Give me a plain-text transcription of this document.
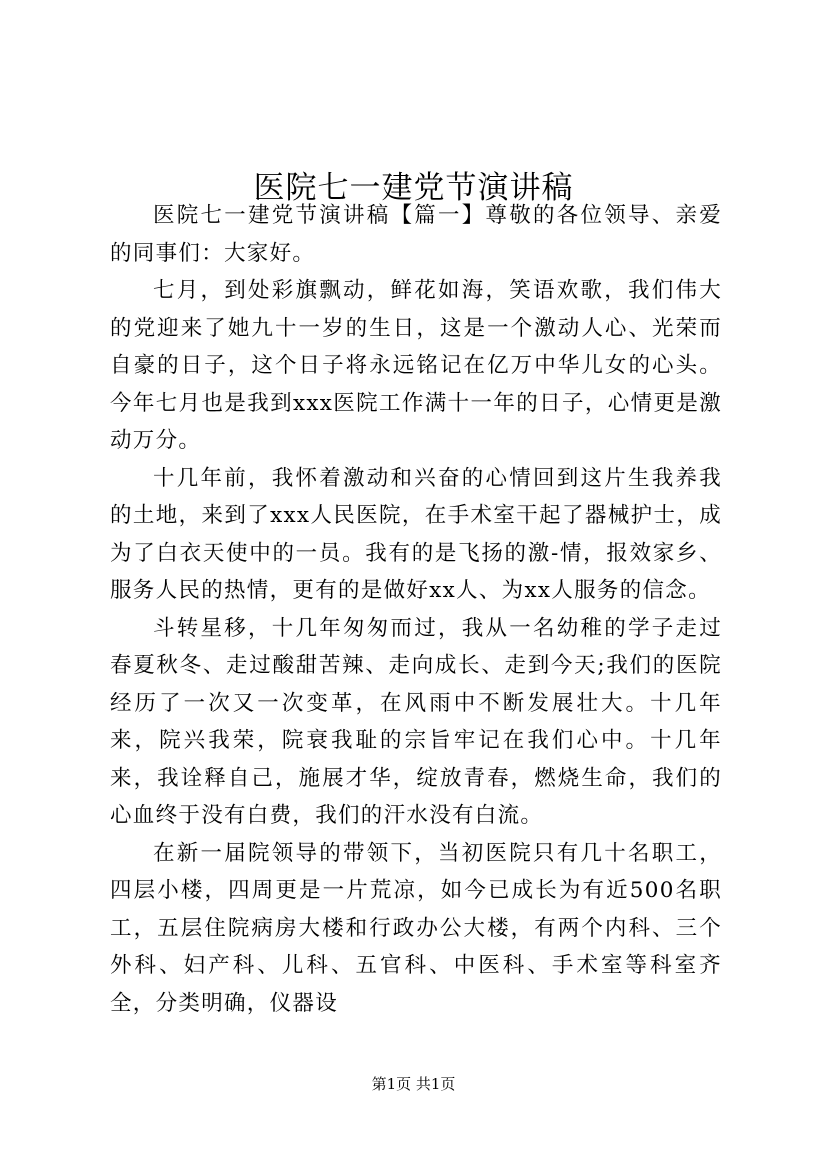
医院七一建党节演讲稿

医院七一建党节演讲稿【篇一】尊敬的各位领导、亲爱的同事们：大家好。

七月，到处彩旗飘动，鲜花如海，笑语欢歌，我们伟大的党迎来了她九十一岁的生日，这是一个激动人心、光荣而自豪的日子，这个日子将永远铭记在亿万中华儿女的心头。今年七月也是我到xxx医院工作满十一年的日子，心情更是激动万分。

十几年前，我怀着激动和兴奋的心情回到这片生我养我的土地，来到了xxx人民医院，在手术室干起了器械护士，成为了白衣天使中的一员。我有的是飞扬的激-情，报效家乡、服务人民的热情，更有的是做好xx人、为xx人服务的信念。

斗转星移，十几年匆匆而过，我从一名幼稚的学子走过春夏秋冬、走过酸甜苦辣、走向成长、走到今天;我们的医院经历了一次又一次变革，在风雨中不断发展壮大。十几年来，院兴我荣，院衰我耻的宗旨牢记在我们心中。十几年来，我诠释自己，施展才华，绽放青春，燃烧生命，我们的心血终于没有白费，我们的汗水没有白流。

在新一届院领导的带领下，当初医院只有几十名职工，四层小楼，四周更是一片荒凉，如今已成长为有近500名职工，五层住院病房大楼和行政办公大楼，有两个内科、三个外科、妇产科、儿科、五官科、中医科、手术室等科室齐全，分类明确，仪器设

第1页 共1页
